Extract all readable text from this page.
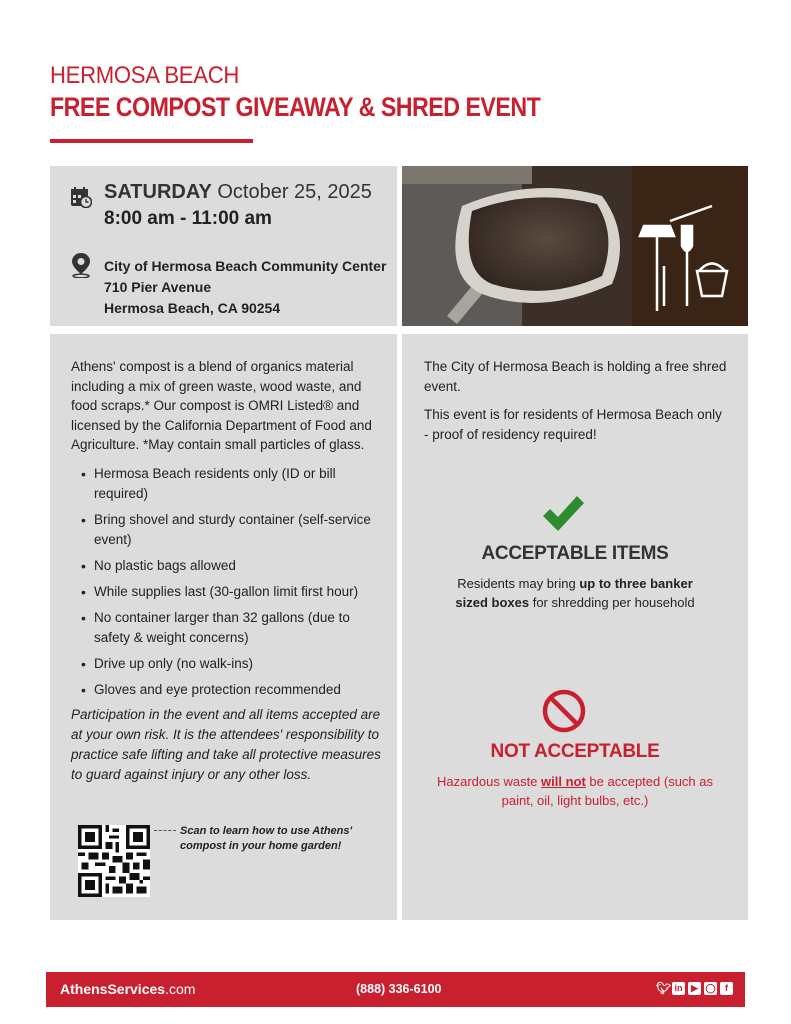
HERMOSA BEACH
FREE COMPOST GIVEAWAY & SHRED EVENT
SATURDAY October 25, 2025
8:00 am - 11:00 am
City of Hermosa Beach Community Center
710 Pier Avenue
Hermosa Beach, CA 90254
Athens' compost is a blend of organics material including a mix of green waste, wood waste, and food scraps.* Our compost is OMRI Listed® and licensed by the California Department of Food and Agriculture. *May contain small particles of glass.
• Hermosa Beach residents only (ID or bill required)
• Bring shovel and sturdy container (self-service event)
• No plastic bags allowed
• While supplies last (30-gallon limit first hour)
• No container larger than 32 gallons (due to safety & weight concerns)
• Drive up only (no walk-ins)
• Gloves and eye protection recommended
Participation in the event and all items accepted are at your own risk. It is the attendees' responsibility to practice safe lifting and take all protective measures to guard against injury or any other loss.
Scan to learn how to use Athens' compost in your home garden!
The City of Hermosa Beach is holding a free shred event.
This event is for residents of Hermosa Beach only - proof of residency required!
ACCEPTABLE ITEMS
Residents may bring up to three banker sized boxes for shredding per household
NOT ACCEPTABLE
Hazardous waste will not be accepted (such as paint, oil, light bulbs, etc.)
AthensServices.com	(888) 336-6100	🐦︎ in ▶ ◯	f
